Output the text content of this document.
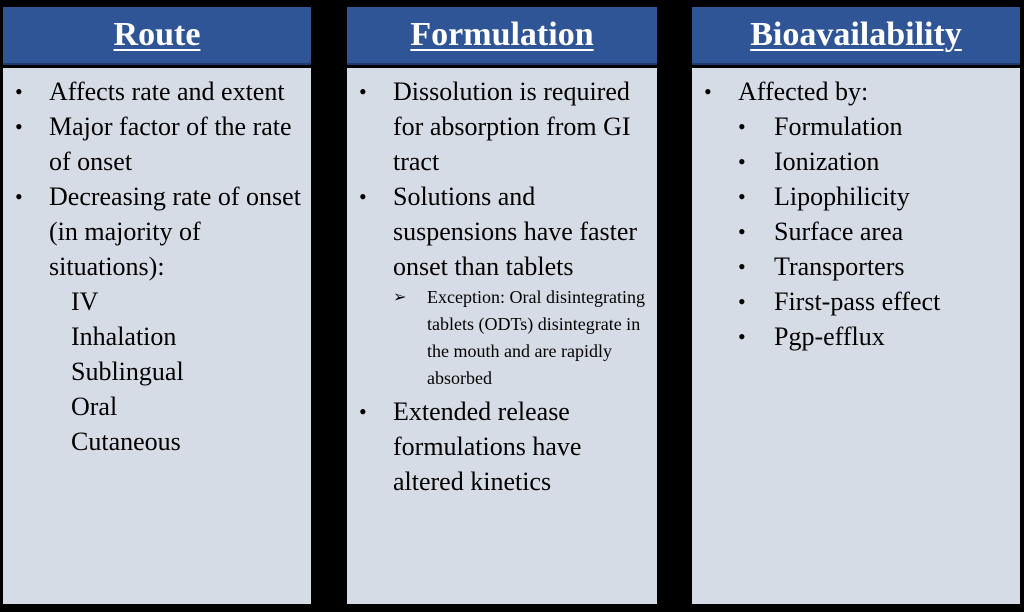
Route
• Affects rate and extent
• Major factor of the rate of onset
• Decreasing rate of onset (in majority of situations):
IV
Inhalation
Sublingual
Oral
Cutaneous
Formulation
• Dissolution is required for absorption from GI tract
• Solutions and suspensions have faster onset than tablets
➢ Exception: Oral disintegrating tablets (ODTs) disintegrate in the mouth and are rapidly absorbed
• Extended release formulations have altered kinetics
Bioavailability
• Affected by:
• Formulation
• Ionization
• Lipophilicity
• Surface area
• Transporters
• First-pass effect
• Pgp-efflux
